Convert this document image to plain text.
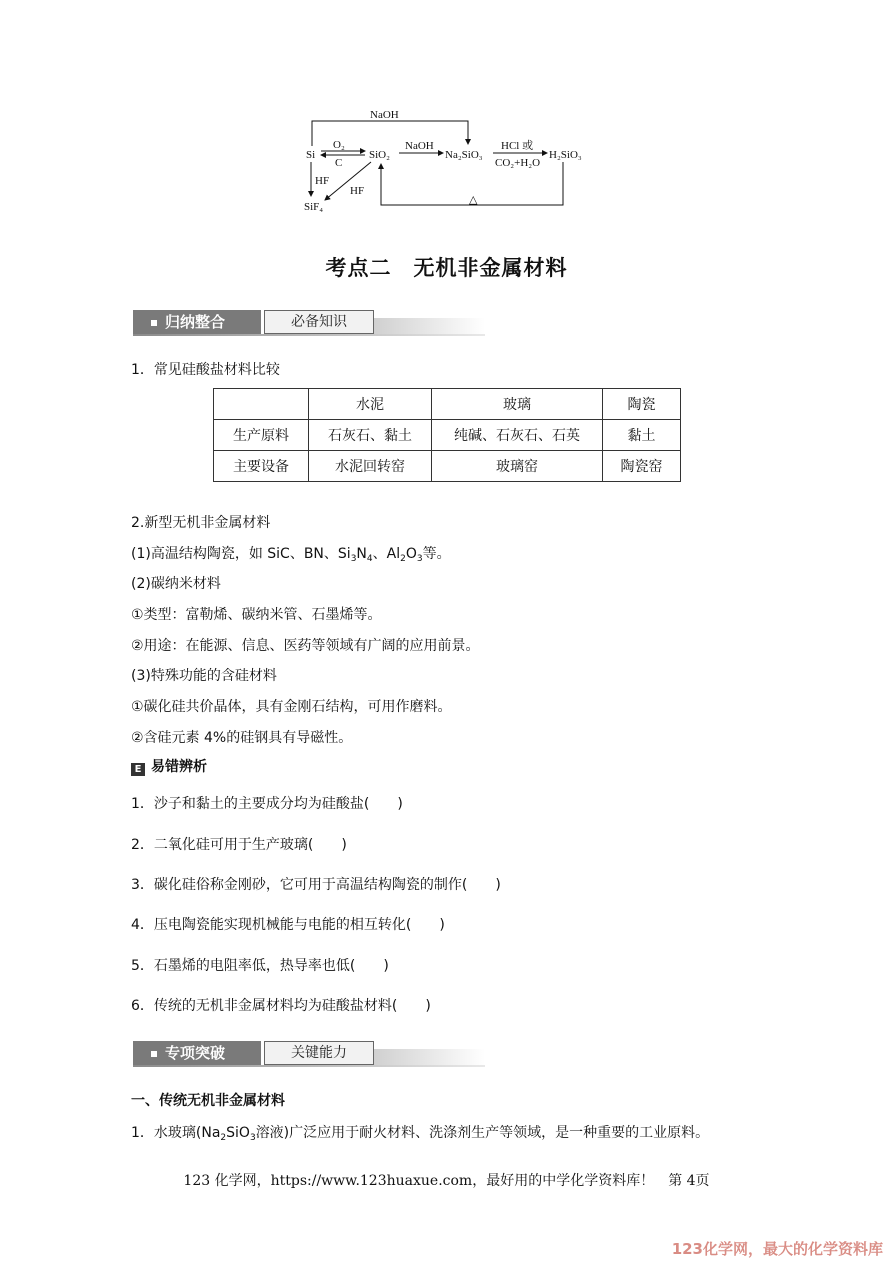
NaOH
Si
O₂
C
SiO₂
NaOH
Na₂SiO₃
HCl 或
CO₂+H₂O
H₂SiO₃
△
HF
HF
SiF₄
考点二　无机非金属材料
归纳整合	必备知识
1．常见硅酸盐材料比较
	水泥	玻璃	陶瓷
生产原料	石灰石、黏土	纯碱、石灰石、石英	黏土
主要设备	水泥回转窑	玻璃窑	陶瓷窑
2.新型无机非金属材料
(1)高温结构陶瓷，如 SiC、BN、$Si_3N_4$、$Al_2O_3$等。
(2)碳纳米材料
①类型：富勒烯、碳纳米管、石墨烯等。
②用途：在能源、信息、医药等领域有广阔的应用前景。
(3)特殊功能的含硅材料
①碳化硅共价晶体，具有金刚石结构，可用作磨料。
②含硅元素 4%的硅钢具有导磁性。
E 易错辨析
1．沙子和黏土的主要成分均为硅酸盐(　　)
2．二氧化硅可用于生产玻璃(　　)
3．碳化硅俗称金刚砂，它可用于高温结构陶瓷的制作(　　)
4．压电陶瓷能实现机械能与电能的相互转化(　　)
5．石墨烯的电阻率低，热导率也低(　　)
6．传统的无机非金属材料均为硅酸盐材料(　　)
专项突破	关键能力
一、传统无机非金属材料
1．水玻璃($Na_2SiO_3$溶液)广泛应用于耐火材料、洗涤剂生产等领域，是一种重要的工业原料。
123 化学网，https://www.123huaxue.com，最好用的中学化学资料库！　第 4页
123化学网，最大的化学资料库
